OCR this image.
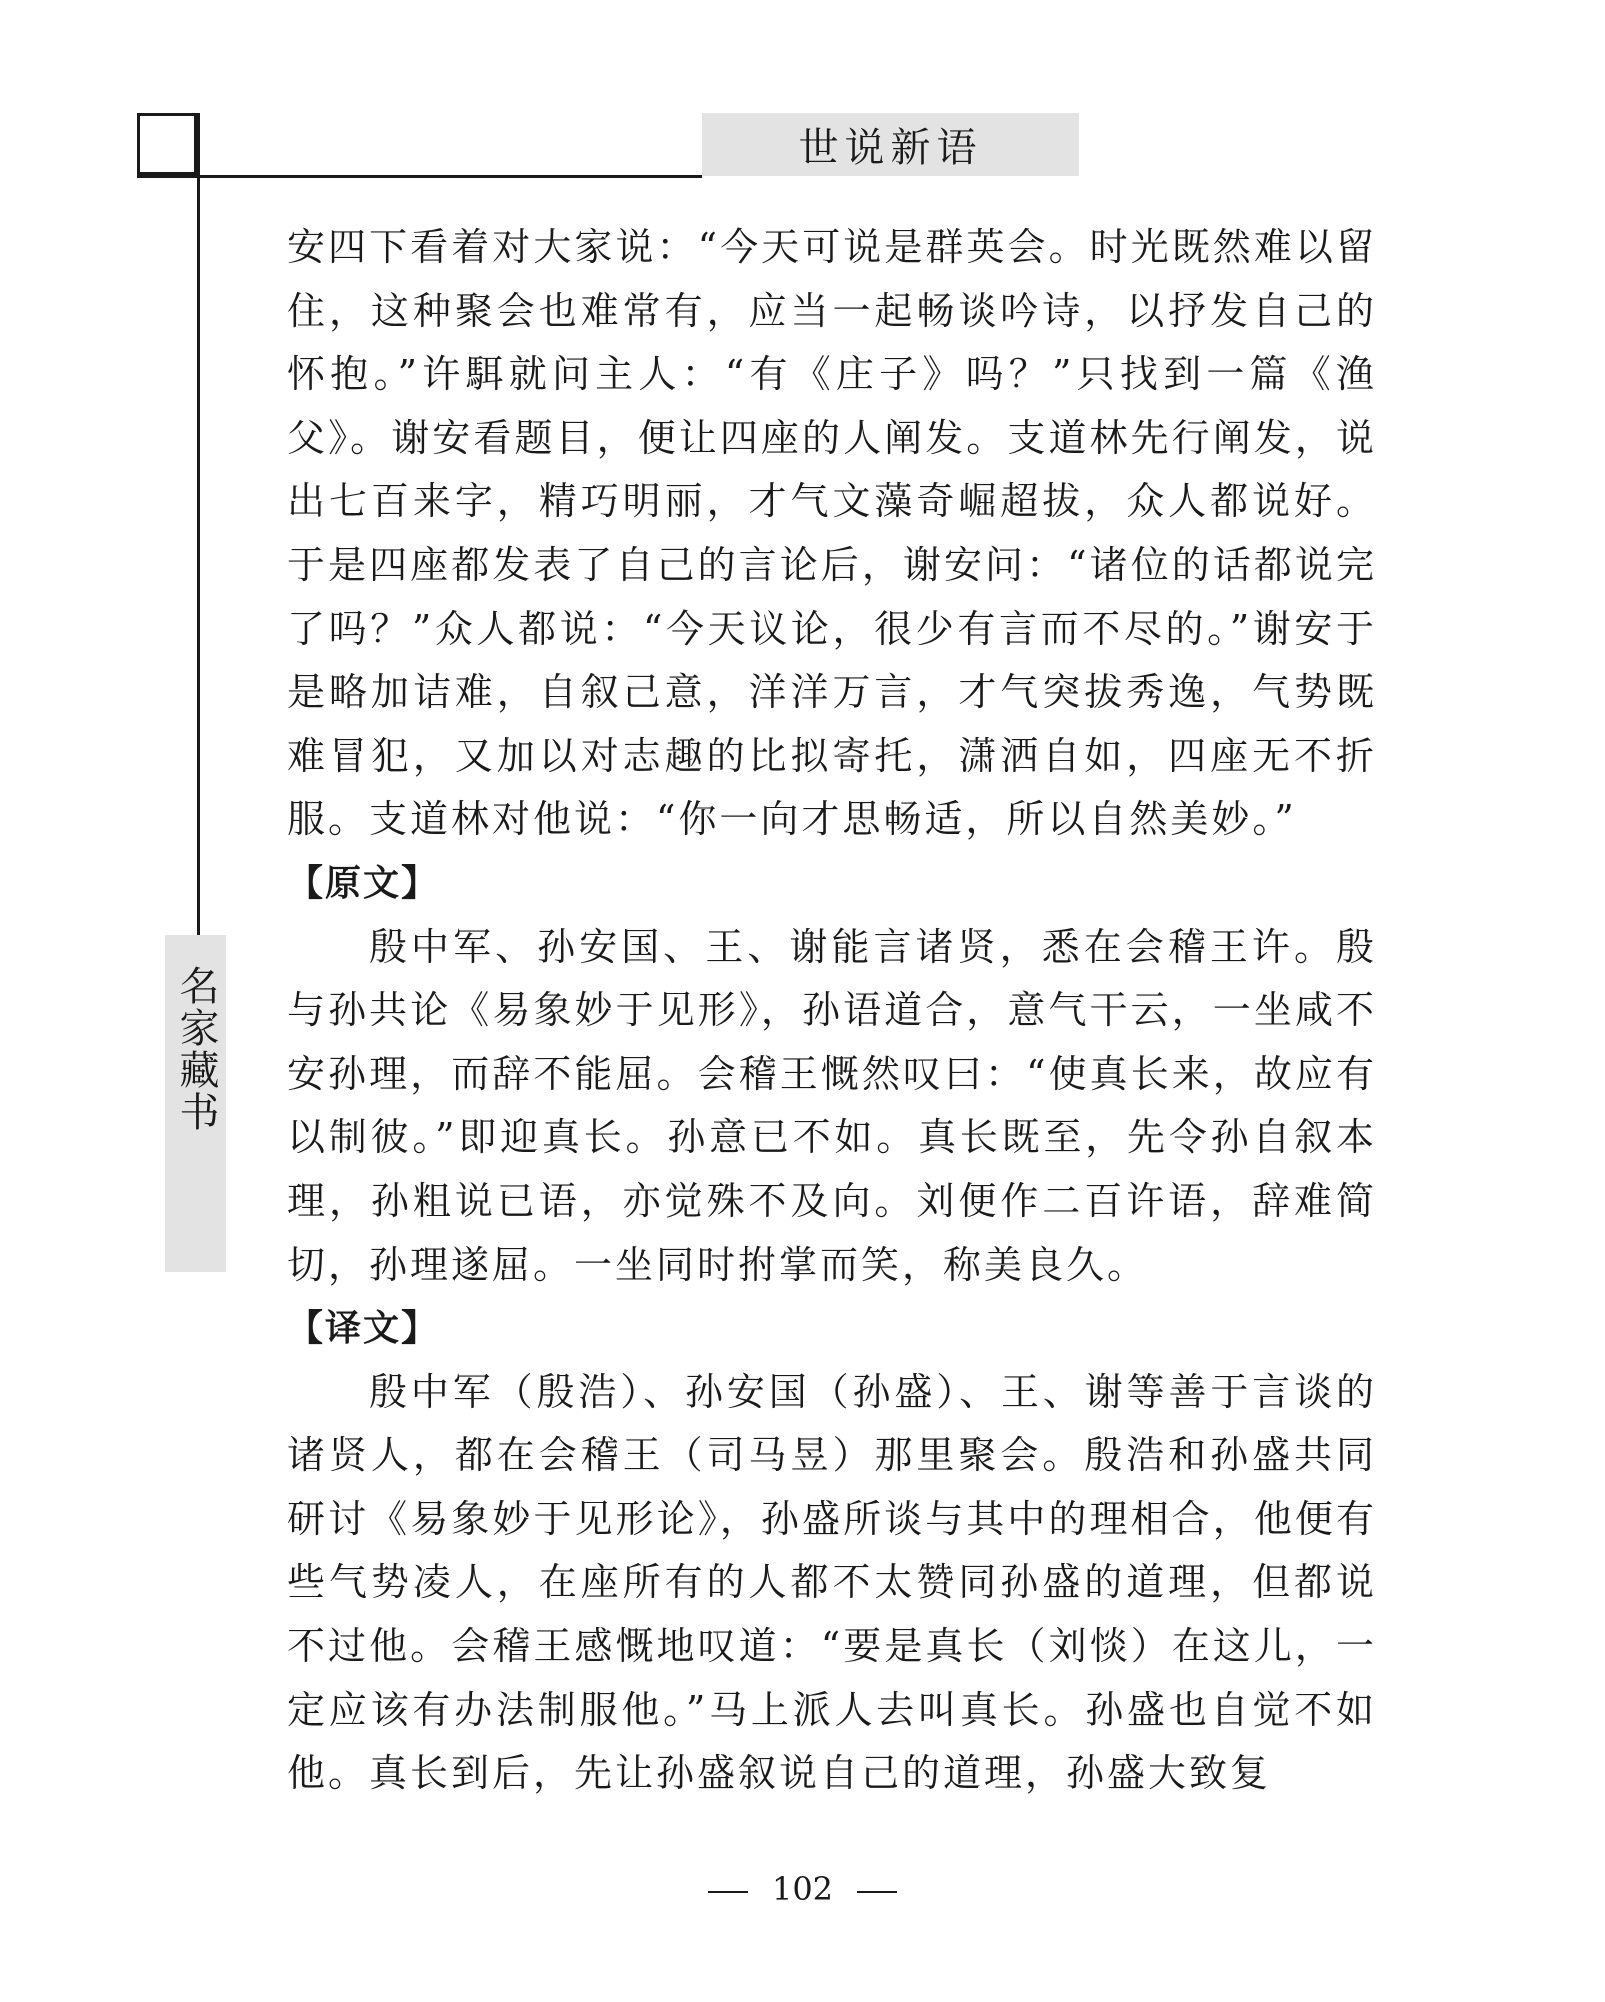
世说新语
名家藏书

安四下看着对大家说：“今天可说是群英会。时光既然难以留住，这种聚会也难常有，应当一起畅谈吟诗，以抒发自己的怀抱。”许駬就问主人：“有《庄子》吗？”只找到一篇《渔父》。谢安看题目，便让四座的人阐发。支道林先行阐发，说出七百来字，精巧明丽，才气文藻奇崛超拔，众人都说好。于是四座都发表了自己的言论后，谢安问：“诸位的话都说完了吗？”众人都说：“今天议论，很少有言而不尽的。”谢安于是略加诘难，自叙己意，洋洋万言，才气突拔秀逸，气势既难冒犯，又加以对志趣的比拟寄托，潇洒自如，四座无不折服。支道林对他说：“你一向才思畅适，所以自然美妙。”

【原文】

殷中军、孙安国、王、谢能言诸贤，悉在会稽王许。殷与孙共论《易象妙于见形》，孙语道合，意气干云，一坐咸不安孙理，而辞不能屈。会稽王慨然叹曰：“使真长来，故应有以制彼。”即迎真长。孙意已不如。真长既至，先令孙自叙本理，孙粗说已语，亦觉殊不及向。刘便作二百许语，辞难简切，孙理遂屈。一坐同时拊掌而笑，称美良久。

【译文】

殷中军（殷浩）、孙安国（孙盛）、王、谢等善于言谈的诸贤人，都在会稽王（司马昱）那里聚会。殷浩和孙盛共同研讨《易象妙于见形论》，孙盛所谈与其中的理相合，他便有些气势凌人，在座所有的人都不太赞同孙盛的道理，但都说不过他。会稽王感慨地叹道：“要是真长（刘惔）在这儿，一定应该有办法制服他。”马上派人去叫真长。孙盛也自觉不如他。真长到后，先让孙盛叙说自己的道理，孙盛大致复

102
